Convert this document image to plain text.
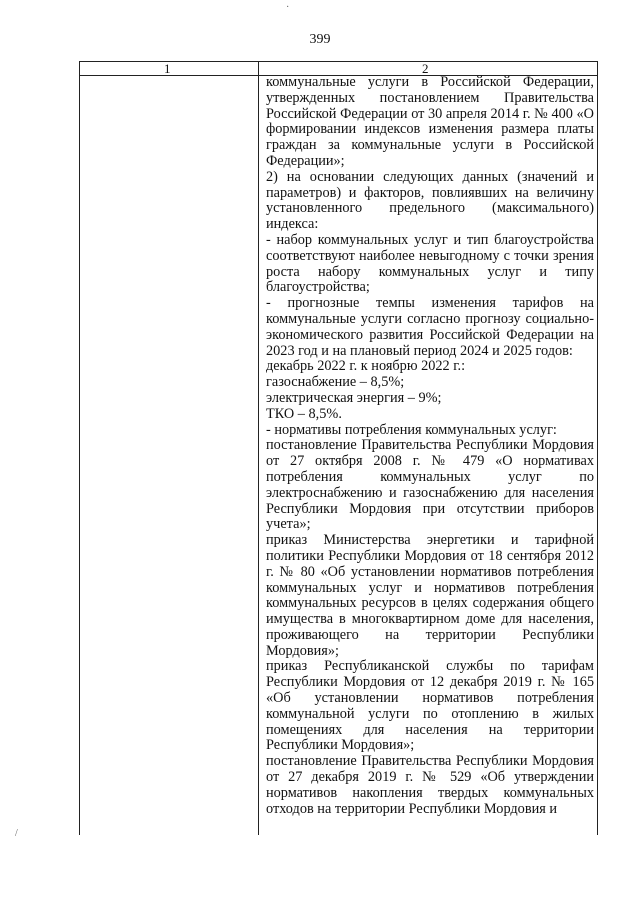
399
1	2

коммунальные услуги в Российской Федерации, утвержденных постановлением Правительства Российской Федерации от 30 апреля 2014 г. № 400 «О формировании индексов изменения размера платы граждан за коммунальные услуги в Российской Федерации»;

2) на основании следующих данных (значений и параметров) и факторов, повлиявших на величину установленного предельного (максимального) индекса:

- набор коммунальных услуг и тип благоустройства соответствуют наиболее невыгодному с точки зрения роста набору коммунальных услуг и типу благоустройства;

- прогнозные темпы изменения тарифов на коммунальные услуги согласно прогнозу социально-экономического развития Российской Федерации на 2023 год и на плановый период 2024 и 2025 годов:

декабрь 2022 г. к ноябрю 2022 г.:

газоснабжение – 8,5%;

электрическая энергия – 9%;

ТКО – 8,5%.

- нормативы потребления коммунальных услуг:

постановление Правительства Республики Мордовия от 27 октября 2008 г. № 479 «О нормативах потребления коммунальных услуг по электроснабжению и газоснабжению для населения Республики Мордовия при отсутствии приборов учета»;

приказ Министерства энергетики и тарифной политики Республики Мордовия от 18 сентября 2012 г. № 80 «Об установлении нормативов потребления коммунальных услуг и нормативов потребления коммунальных ресурсов в целях содержания общего имущества в многоквартирном доме для населения, проживающего на территории Республики Мордовия»;

приказ Республиканской службы по тарифам Республики Мордовия от 12 декабря 2019 г. № 165 «Об установлении нормативов потребления коммунальной услуги по отоплению в жилых помещениях для населения на территории Республики Мордовия»;

постановление Правительства Республики Мордовия от 27 декабря 2019 г. № 529 «Об утверждении нормативов накопления твердых коммунальных отходов на территории Республики Мордовия и

·
/
